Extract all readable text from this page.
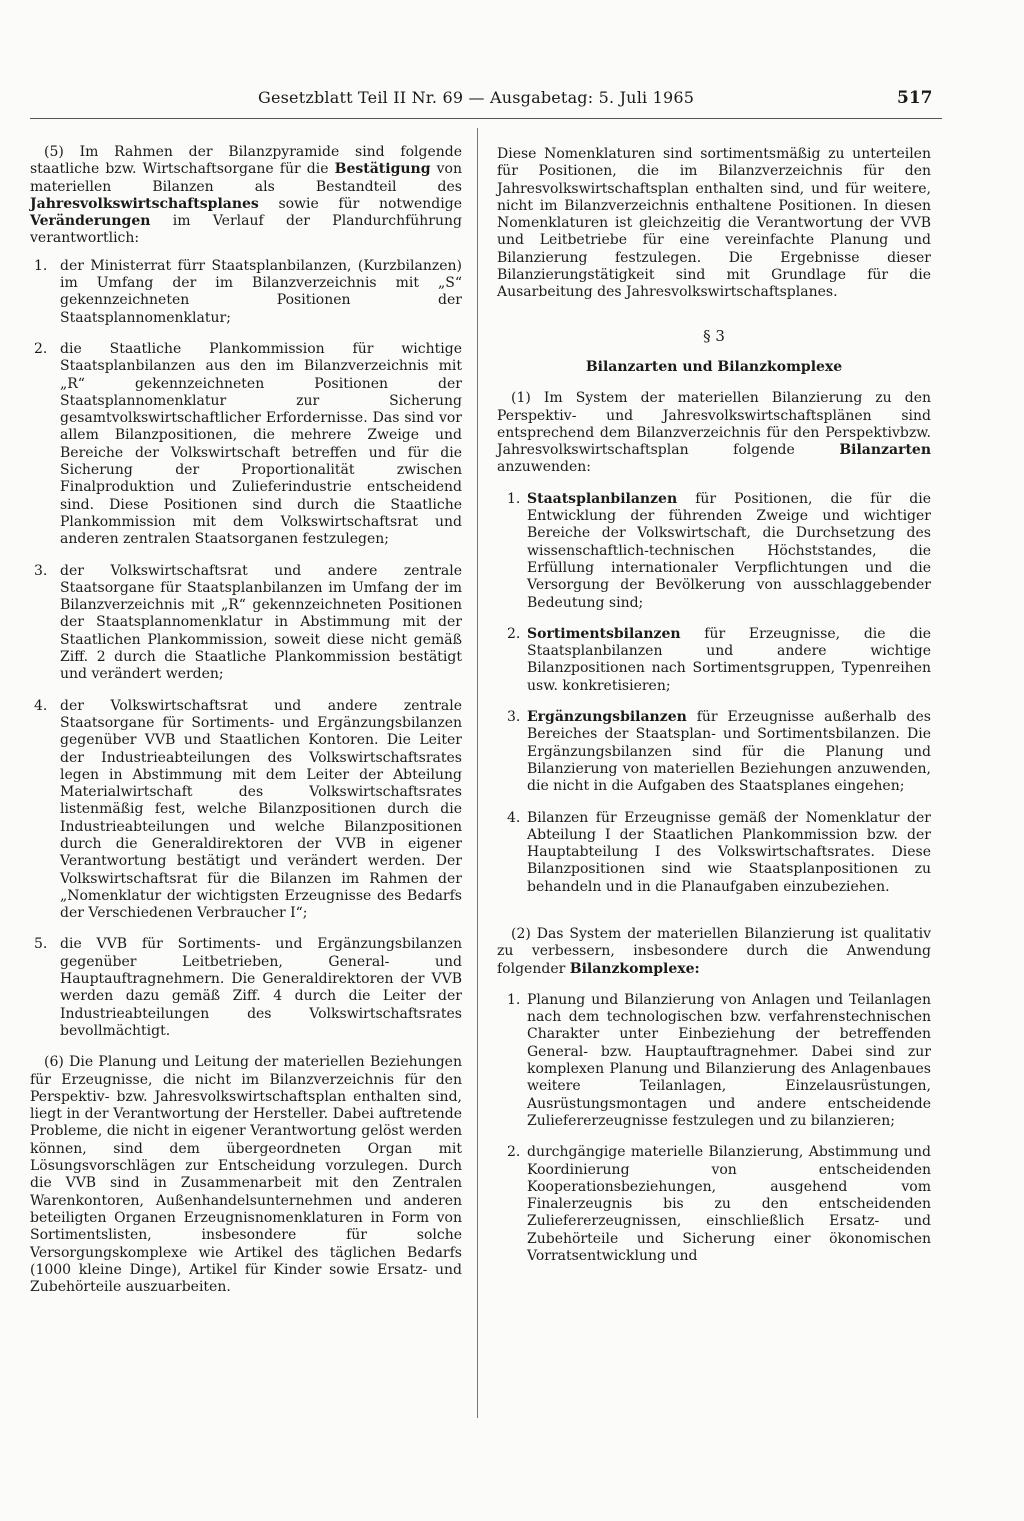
Gesetzblatt Teil II Nr. 69 — Ausgabetag: 5. Juli 1965	517

(5) Im Rahmen der Bilanzpyramide sind folgende staatliche bzw. Wirtschaftsorgane für die Bestätigung von materiellen Bilanzen als Bestandteil des Jahresvolkswirtschaftsplanes sowie für notwendige Veränderungen im Verlauf der Plandurchführung verantwortlich:

1. der Ministerrat fürr Staatsplanbilanzen, (Kurzbilanzen) im Umfang der im Bilanzverzeichnis mit „S“ gekennzeichneten Positionen der Staatsplannomenklatur;

2. die Staatliche Plankommission für wichtige Staatsplanbilanzen aus den im Bilanzverzeichnis mit „R“ gekennzeichneten Positionen der Staatsplannomenklatur zur Sicherung gesamtvolkswirtschaftlicher Erfordernisse. Das sind vor allem Bilanzpositionen, die mehrere Zweige und Bereiche der Volkswirtschaft betreffen und für die Sicherung der Proportionalität zwischen Finalproduktion und Zulieferindustrie entscheidend sind. Diese Positionen sind durch die Staatliche Plankommission mit dem Volkswirtschaftsrat und anderen zentralen Staatsorganen festzulegen;

3. der Volkswirtschaftsrat und andere zentrale Staatsorgane für Staatsplanbilanzen im Umfang der im Bilanzverzeichnis mit „R“ gekennzeichneten Positionen der Staatsplannomenklatur in Abstimmung mit der Staatlichen Plankommission, soweit diese nicht gemäß Ziff. 2 durch die Staatliche Plankommission bestätigt und verändert werden;

4. der Volkswirtschaftsrat und andere zentrale Staatsorgane für Sortiments- und Ergänzungsbilanzen gegenüber VVB und Staatlichen Kontoren. Die Leiter der Industrieabteilungen des Volkswirtschaftsrates legen in Abstimmung mit dem Leiter der Abteilung Materialwirtschaft des Volkswirtschaftsrates listenmäßig fest, welche Bilanzpositionen durch die Industrieabteilungen und welche Bilanzpositionen durch die Generaldirektoren der VVB in eigener Verantwortung bestätigt und verändert werden. Der Volkswirtschaftsrat für die Bilanzen im Rahmen der „Nomenklatur der wichtigsten Erzeugnisse des Bedarfs der Verschiedenen Verbraucher I“;

5. die VVB für Sortiments- und Ergänzungsbilanzen gegenüber Leitbetrieben, General- und Hauptauftragnehmern. Die Generaldirektoren der VVB werden dazu gemäß Ziff. 4 durch die Leiter der Industrieabteilungen des Volkswirtschaftsrates bevollmächtigt.

(6) Die Planung und Leitung der materiellen Beziehungen für Erzeugnisse, die nicht im Bilanzverzeichnis für den Perspektiv- bzw. Jahresvolkswirtschaftsplan enthalten sind, liegt in der Verantwortung der Hersteller. Dabei auftretende Probleme, die nicht in eigener Verantwortung gelöst werden können, sind dem übergeordneten Organ mit Lösungsvorschlägen zur Entscheidung vorzulegen. Durch die VVB sind in Zusammenarbeit mit den Zentralen Warenkontoren, Außenhandelsunternehmen und anderen beteiligten Organen Erzeugnisnomenklaturen in Form von Sortimentslisten, insbesondere für solche Versorgungskomplexe wie Artikel des täglichen Bedarfs (1000 kleine Dinge), Artikel für Kinder sowie Ersatz- und Zubehörteile auszuarbeiten.

Diese Nomenklaturen sind sortimentsmäßig zu unterteilen für Positionen, die im Bilanzverzeichnis für den Jahresvolkswirtschaftsplan enthalten sind, und für weitere, nicht im Bilanzverzeichnis enthaltene Positionen. In diesen Nomenklaturen ist gleichzeitig die Verantwortung der VVB und Leitbetriebe für eine vereinfachte Planung und Bilanzierung festzulegen. Die Ergebnisse dieser Bilanzierungstätigkeit sind mit Grundlage für die Ausarbeitung des Jahresvolkswirtschaftsplanes.

§ 3
Bilanzarten und Bilanzkomplexe

(1) Im System der materiellen Bilanzierung zu den Perspektiv- und Jahresvolkswirtschaftsplänen sind entsprechend dem Bilanzverzeichnis für den Perspektivbzw. Jahresvolkswirtschaftsplan folgende Bilanzarten anzuwenden:

1. Staatsplanbilanzen für Positionen, die für die Entwicklung der führenden Zweige und wichtiger Bereiche der Volkswirtschaft, die Durchsetzung des wissenschaftlich-technischen Höchststandes, die Erfüllung internationaler Verpflichtungen und die Versorgung der Bevölkerung von ausschlaggebender Bedeutung sind;

2. Sortimentsbilanzen für Erzeugnisse, die die Staatsplanbilanzen und andere wichtige Bilanzpositionen nach Sortimentsgruppen, Typenreihen usw. konkretisieren;

3. Ergänzungsbilanzen für Erzeugnisse außerhalb des Bereiches der Staatsplan- und Sortimentsbilanzen. Die Ergänzungsbilanzen sind für die Planung und Bilanzierung von materiellen Beziehungen anzuwenden, die nicht in die Aufgaben des Staatsplanes eingehen;

4. Bilanzen für Erzeugnisse gemäß der Nomenklatur der Abteilung I der Staatlichen Plankommission bzw. der Hauptabteilung I des Volkswirtschaftsrates. Diese Bilanzpositionen sind wie Staatsplanpositionen zu behandeln und in die Planaufgaben einzubeziehen.

(2) Das System der materiellen Bilanzierung ist qualitativ zu verbessern, insbesondere durch die Anwendung folgender Bilanzkomplexe:

1. Planung und Bilanzierung von Anlagen und Teilanlagen nach dem technologischen bzw. verfahrenstechnischen Charakter unter Einbeziehung der betreffenden General- bzw. Hauptauftragnehmer. Dabei sind zur komplexen Planung und Bilanzierung des Anlagenbaues weitere Teilanlagen, Einzelausrüstungen, Ausrüstungsmontagen und andere entscheidende Zuliefererzeugnisse festzulegen und zu bilanzieren;

2. durchgängige materielle Bilanzierung, Abstimmung und Koordinierung von entscheidenden Kooperationsbeziehungen, ausgehend vom Finalerzeugnis bis zu den entscheidenden Zuliefererzeugnissen, einschließlich Ersatz- und Zubehörteile und Sicherung einer ökonomischen Vorratsentwicklung und
